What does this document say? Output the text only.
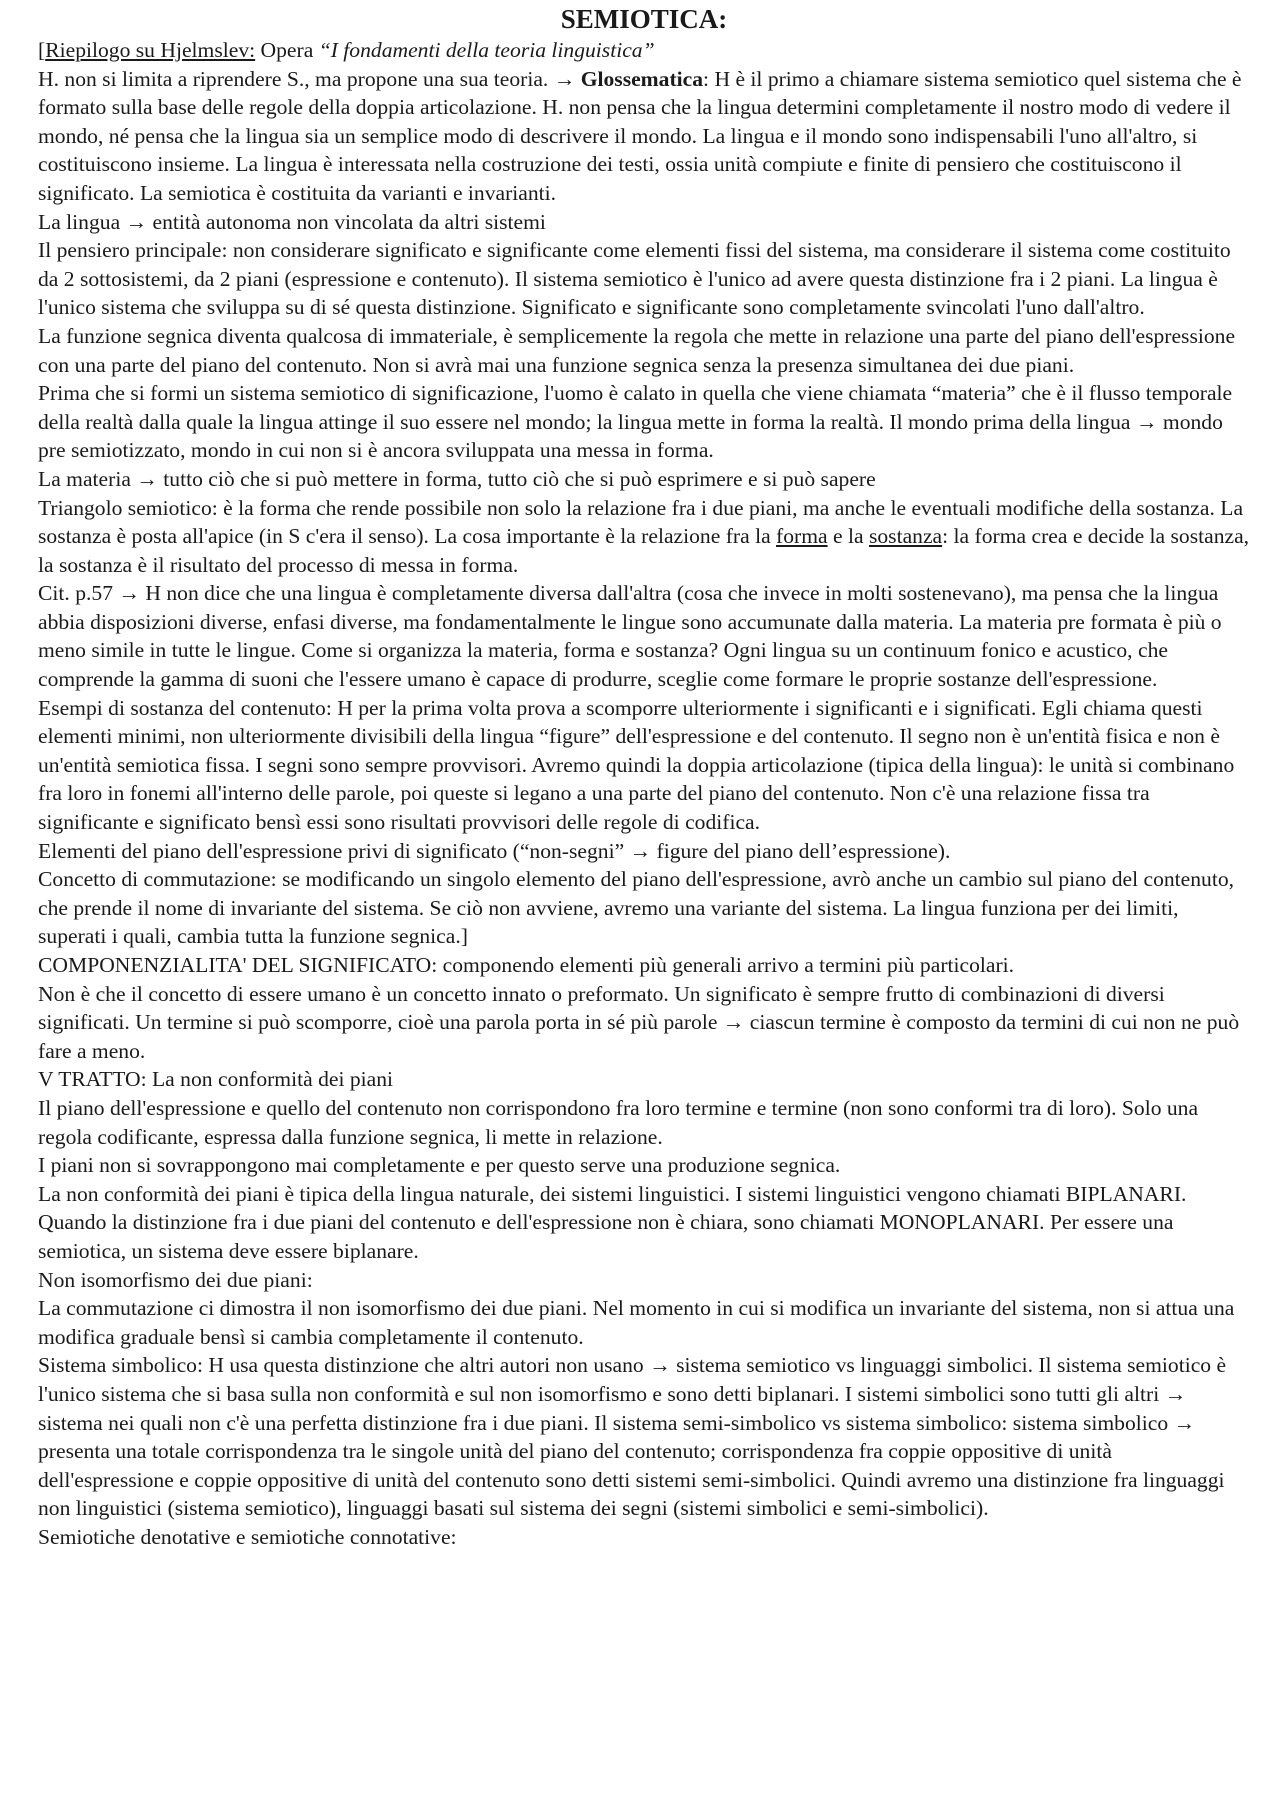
SEMIOTICA:

[Riepilogo su Hjelmslev: Opera “I fondamenti della teoria linguistica”

H. non si limita a riprendere S., ma propone una sua teoria. → Glossematica: H è il primo a chiamare sistema semiotico quel sistema che è formato sulla base delle regole della doppia articolazione. H. non pensa che la lingua determini completamente il nostro modo di vedere il mondo, né pensa che la lingua sia un semplice modo di descrivere il mondo. La lingua e il mondo sono indispensabili l'uno all'altro, si costituiscono insieme. La lingua è interessata nella costruzione dei testi, ossia unità compiute e finite di pensiero che costituiscono il significato. La semiotica è costituita da varianti e invarianti.

La lingua → entità autonoma non vincolata da altri sistemi

Il pensiero principale: non considerare significato e significante come elementi fissi del sistema, ma considerare il sistema come costituito da 2 sottosistemi, da 2 piani (espressione e contenuto). Il sistema semiotico è l'unico ad avere questa distinzione fra i 2 piani. La lingua è l'unico sistema che sviluppa su di sé questa distinzione. Significato e significante sono completamente svincolati l'uno dall'altro.

La funzione segnica diventa qualcosa di immateriale, è semplicemente la regola che mette in relazione una parte del piano dell'espressione con una parte del piano del contenuto. Non si avrà mai una funzione segnica senza la presenza simultanea dei due piani.

Prima che si formi un sistema semiotico di significazione, l'uomo è calato in quella che viene chiamata “materia” che è il flusso temporale della realtà dalla quale la lingua attinge il suo essere nel mondo; la lingua mette in forma la realtà. Il mondo prima della lingua → mondo pre semiotizzato, mondo in cui non si è ancora sviluppata una messa in forma.

La materia → tutto ciò che si può mettere in forma, tutto ciò che si può esprimere e si può sapere

Triangolo semiotico: è la forma che rende possibile non solo la relazione fra i due piani, ma anche le eventuali modifiche della sostanza. La sostanza è posta all'apice (in S c'era il senso). La cosa importante è la relazione fra la forma e la sostanza: la forma crea e decide la sostanza, la sostanza è il risultato del processo di messa in forma.

Cit. p.57 → H non dice che una lingua è completamente diversa dall'altra (cosa che invece in molti sostenevano), ma pensa che la lingua abbia disposizioni diverse, enfasi diverse, ma fondamentalmente le lingue sono accumunate dalla materia. La materia pre formata è più o meno simile in tutte le lingue. Come si organizza la materia, forma e sostanza? Ogni lingua su un continuum fonico e acustico, che comprende la gamma di suoni che l'essere umano è capace di produrre, sceglie come formare le proprie sostanze dell'espressione.

Esempi di sostanza del contenuto: H per la prima volta prova a scomporre ulteriormente i significanti e i significati. Egli chiama questi elementi minimi, non ulteriormente divisibili della lingua “figure” dell'espressione e del contenuto. Il segno non è un'entità fisica e non è un'entità semiotica fissa. I segni sono sempre provvisori. Avremo quindi la doppia articolazione (tipica della lingua): le unità si combinano fra loro in fonemi all'interno delle parole, poi queste si legano a una parte del piano del contenuto. Non c'è una relazione fissa tra significante e significato bensì essi sono risultati provvisori delle regole di codifica.

Elementi del piano dell'espressione privi di significato (“non-segni” → figure del piano dell’espressione).

Concetto di commutazione: se modificando un singolo elemento del piano dell'espressione, avrò anche un cambio sul piano del contenuto, che prende il nome di invariante del sistema. Se ciò non avviene, avremo una variante del sistema. La lingua funziona per dei limiti, superati i quali, cambia tutta la funzione segnica.]

COMPONENZIALITA' DEL SIGNIFICATO: componendo elementi più generali arrivo a termini più particolari.

Non è che il concetto di essere umano è un concetto innato o preformato. Un significato è sempre frutto di combinazioni di diversi significati. Un termine si può scomporre, cioè una parola porta in sé più parole → ciascun termine è composto da termini di cui non ne può fare a meno.

V TRATTO: La non conformità dei piani

Il piano dell'espressione e quello del contenuto non corrispondono fra loro termine e termine (non sono conformi tra di loro). Solo una regola codificante, espressa dalla funzione segnica, li mette in relazione.

I piani non si sovrappongono mai completamente e per questo serve una produzione segnica.

La non conformità dei piani è tipica della lingua naturale, dei sistemi linguistici. I sistemi linguistici vengono chiamati BIPLANARI. Quando la distinzione fra i due piani del contenuto e dell'espressione non è chiara, sono chiamati MONOPLANARI. Per essere una semiotica, un sistema deve essere biplanare.

Non isomorfismo dei due piani:

La commutazione ci dimostra il non isomorfismo dei due piani. Nel momento in cui si modifica un invariante del sistema, non si attua una modifica graduale bensì si cambia completamente il contenuto.

Sistema simbolico: H usa questa distinzione che altri autori non usano → sistema semiotico vs linguaggi simbolici. Il sistema semiotico è l'unico sistema che si basa sulla non conformità e sul non isomorfismo e sono detti biplanari. I sistemi simbolici sono tutti gli altri → sistema nei quali non c'è una perfetta distinzione fra i due piani. Il sistema semi-simbolico vs sistema simbolico: sistema simbolico → presenta una totale corrispondenza tra le singole unità del piano del contenuto; corrispondenza fra coppie oppositive di unità dell'espressione e coppie oppositive di unità del contenuto sono detti sistemi semi-simbolici. Quindi avremo una distinzione fra linguaggi non linguistici (sistema semiotico), linguaggi basati sul sistema dei segni (sistemi simbolici e semi-simbolici).

Semiotiche denotative e semiotiche connotative:
